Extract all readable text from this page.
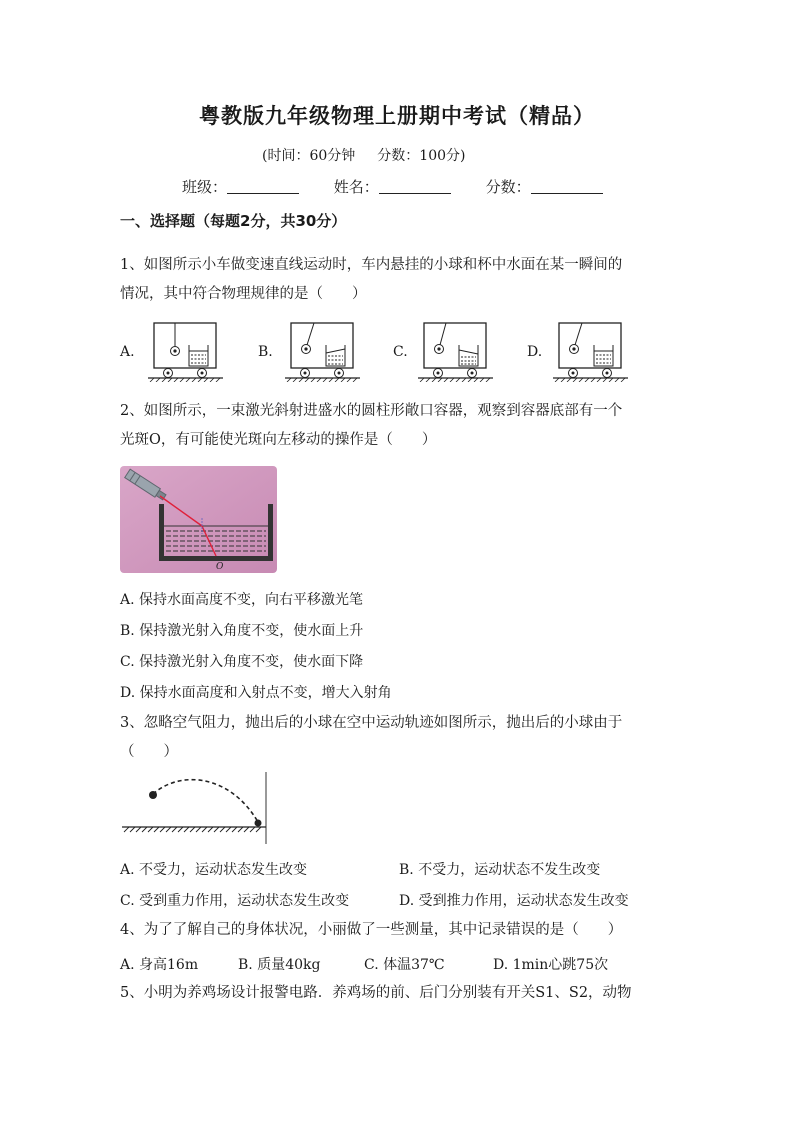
粤教版九年级物理上册期中考试（精品）
(时间：60分钟 分数：100分)
班级：	姓名：	分数：
一、选择题（每题2分，共30分）
1、如图所示小车做变速直线运动时，车内悬挂的小球和杯中水面在某一瞬间的
情况，其中符合物理规律的是（　　）
A.	B.	C.	D.
2、如图所示，一束激光斜射进盛水的圆柱形敞口容器，观察到容器底部有一个
光斑O，有可能使光斑向左移动的操作是（　　）
O
A. 保持水面高度不变，向右平移激光笔
B. 保持激光射入角度不变，使水面上升
C. 保持激光射入角度不变，使水面下降
D. 保持水面高度和入射点不变，增大入射角
3、忽略空气阻力，抛出后的小球在空中运动轨迹如图所示，抛出后的小球由于
（　　）
A. 不受力，运动状态发生改变	B. 不受力，运动状态不发生改变
C. 受到重力作用，运动状态发生改变	D. 受到推力作用，运动状态发生改变
4、为了了解自己的身体状况，小丽做了一些测量，其中记录错误的是（　　）
A. 身高16m	B. 质量40kg	C. 体温37℃	D. 1min心跳75次
5、小明为养鸡场设计报警电路．养鸡场的前、后门分别装有开关S1、S2，动物
